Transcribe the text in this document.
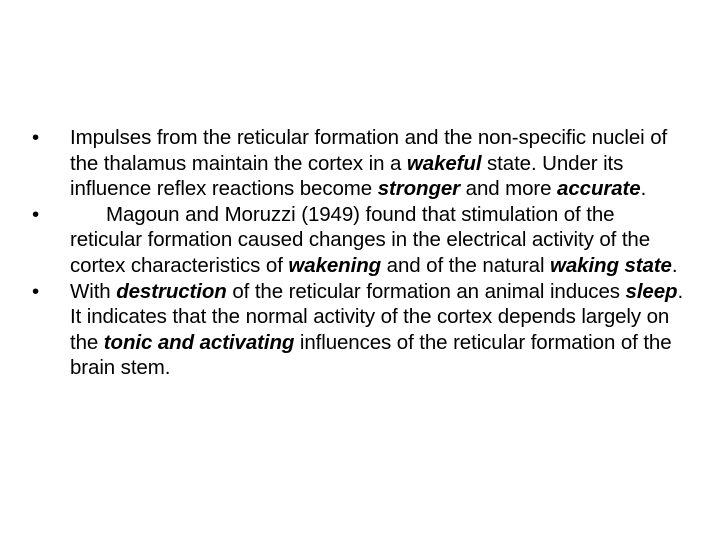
•	Impulses from the reticular formation and the non-specific nuclei of the thalamus maintain the cortex in a wakeful state. Under its influence reflex reactions become stronger and more accurate.
•	Magoun and Moruzzi (1949) found that stimulation of the reticular formation caused changes in the electrical activity of the cortex characteristics of wakening and of the natural waking state.
•	With destruction of the reticular formation an animal induces sleep. It indicates that the normal activity of the cortex depends largely on the tonic and activating influences of the reticular formation of the brain stem.
